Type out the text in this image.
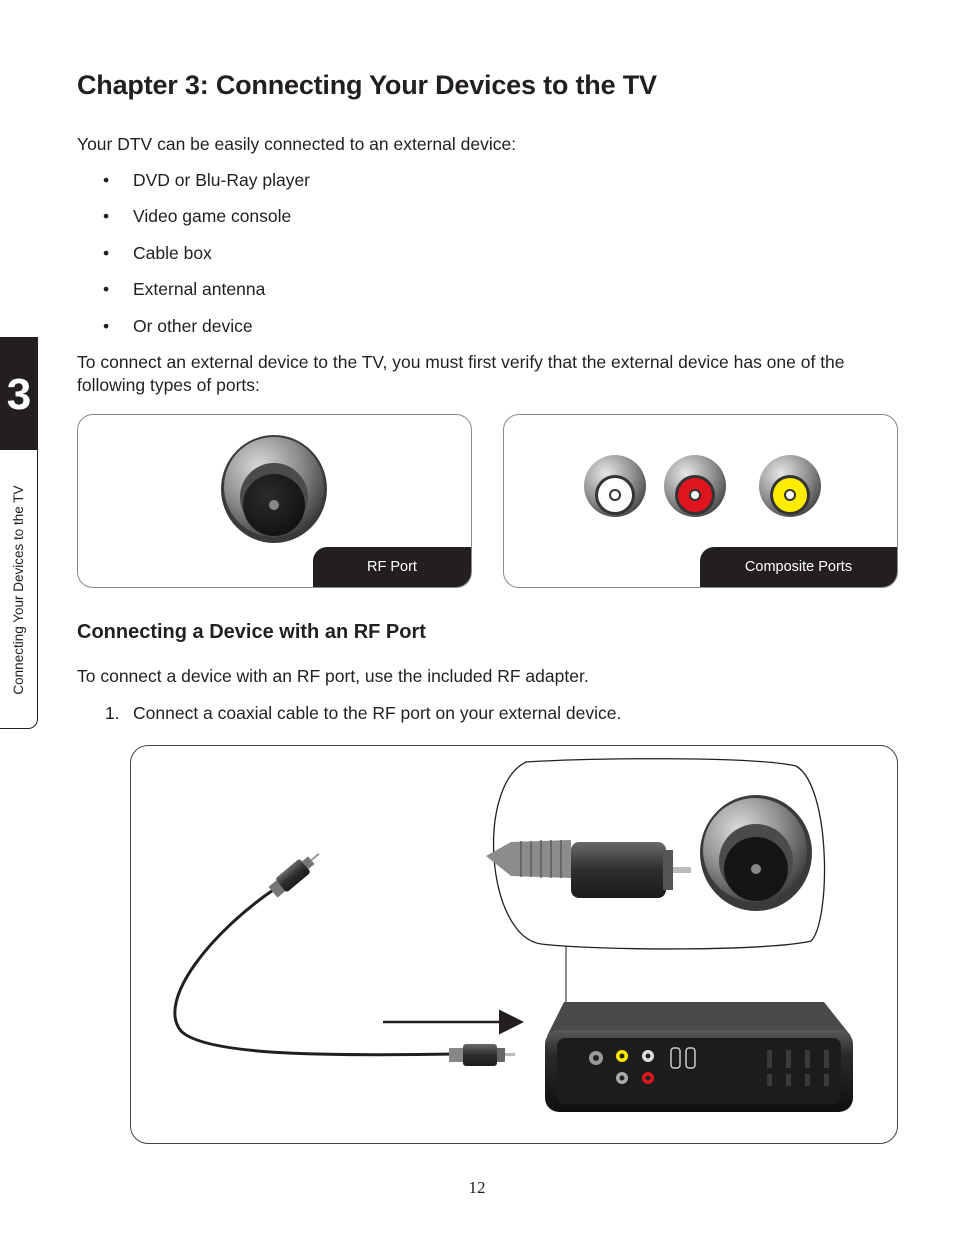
3
Connecting Your Devices to the TV
Chapter 3: Connecting Your Devices to the TV

Your DTV can be easily connected to an external device:

• DVD or Blu-Ray player
• Video game console
• Cable box
• External antenna
• Or other device

To connect an external device to the TV, you must first verify that the external device has one of the following types of ports:

RF Port	Composite Ports
Connecting a Device with an RF Port

To connect a device with an RF port, use the included RF adapter.

1. Connect a coaxial cable to the RF port on your external device.

12
